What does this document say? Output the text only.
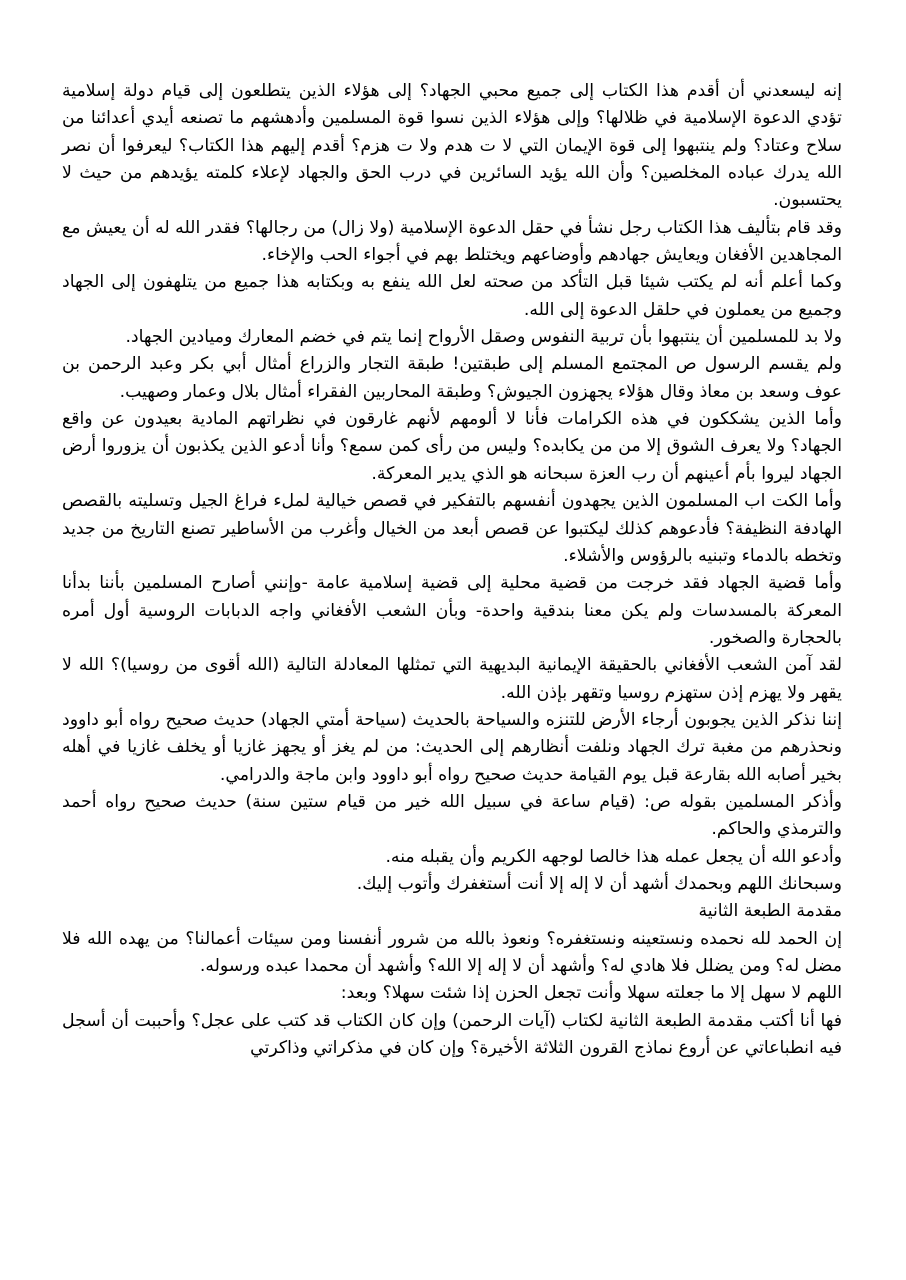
إنه ليسعدني أن أقدم هذا الكتاب إلى جميع محبي الجهاد؟ إلى هؤلاء الذين يتطلعون إلى قيام دولة إسلامية تؤدي الدعوة الإسلامية في ظلالها؟ وإلى هؤلاء الذين نسوا قوة المسلمين وأدهشهم ما تصنعه أيدي أعدائنا من سلاح وعتاد؟ ولم ينتبهوا إلى قوة الإيمان التي لا ت هدم ولا ت هزم؟ أقدم إليهم هذا الكتاب؟ ليعرفوا أن نصر الله يدرك عباده المخلصين؟ وأن الله يؤيد السائرين في درب الحق والجهاد لإعلاء كلمته يؤيدهم من حيث لا يحتسبون.

وقد قام بتأليف هذا الكتاب رجل نشأ في حقل الدعوة الإسلامية (ولا زال) من رجالها؟ فقدر الله له أن يعيش مع المجاهدين الأفغان ويعايش جهادهم وأوضاعهم ويختلط بهم في أجواء الحب والإخاء.

وكما أعلم أنه لم يكتب شيئا قبل التأكد من صحته لعل الله ينفع به وبكتابه هذا جميع من يتلهفون إلى الجهاد وجميع من يعملون في حلقل الدعوة إلى الله.

ولا بد للمسلمين أن ينتبهوا بأن تربية النفوس وصقل الأرواح إنما يتم في خضم المعارك وميادين الجهاد.

ولم يقسم الرسول ص المجتمع المسلم إلى طبقتين! طبقة التجار والزراع أمثال أبي بكر وعبد الرحمن بن عوف وسعد بن معاذ وقال هؤلاء يجهزون الجيوش؟ وطبقة المحاربين الفقراء أمثال بلال وعمار وصهيب.

وأما الذين يشككون في هذه الكرامات فأنا لا ألومهم لأنهم غارقون في نظراتهم المادية بعيدون عن واقع الجهاد؟ ولا يعرف الشوق إلا من من يكابده؟ وليس من رأى كمن سمع؟ وأنا أدعو الذين يكذبون أن يزوروا أرض الجهاد ليروا بأم أعينهم أن رب العزة سبحانه هو الذي يدير المعركة.

وأما الكت اب المسلمون الذين يجهدون أنفسهم بالتفكير في قصص خيالية لملء فراغ الجيل وتسليته بالقصص الهادفة النظيفة؟ فأدعوهم كذلك ليكتبوا عن قصص أبعد من الخيال وأغرب من الأساطير تصنع التاريخ من جديد وتخطه بالدماء وتبنيه بالرؤوس والأشلاء.

وأما قضية الجهاد فقد خرجت من قضية محلية إلى قضية إسلامية عامة -وإنني أصارح المسلمين بأننا بدأنا المعركة بالمسدسات ولم يكن معنا بندقية واحدة- وبأن الشعب الأفغاني واجه الدبابات الروسية أول أمره بالحجارة والصخور.

لقد آمن الشعب الأفغاني بالحقيقة الإيمانية البديهية التي تمثلها المعادلة التالية (الله أقوى من روسيا)؟ الله لا يقهر ولا يهزم إذن ستهزم روسيا وتقهر بإذن الله.

إننا نذكر الذين يجوبون أرجاء الأرض للتنزه والسياحة بالحديث (سياحة أمتي الجهاد) حديث صحيح رواه أبو داوود ونحذرهم من مغبة ترك الجهاد ونلفت أنظارهم إلى الحديث: من لم يغز أو يجهز غازيا أو يخلف غازيا في أهله بخير أصابه الله بقارعة قبل يوم القيامة حديث صحيح رواه أبو داوود وابن ماجة والدرامي.

وأذكر المسلمين بقوله ص: (قيام ساعة في سبيل الله خير من قيام ستين سنة) حديث صحيح رواه أحمد والترمذي والحاكم.

وأدعو الله أن يجعل عمله هذا خالصا لوجهه الكريم وأن يقبله منه.

وسبحانك اللهم وبحمدك أشهد أن لا إله إلا أنت أستغفرك وأتوب إليك.

مقدمة الطبعة الثانية

إن الحمد لله نحمده ونستعينه ونستغفره؟ ونعوذ بالله من شرور أنفسنا ومن سيئات أعمالنا؟ من يهده الله فلا مضل له؟ ومن يضلل فلا هادي له؟ وأشهد أن لا إله إلا الله؟ وأشهد أن محمدا عبده ورسوله.

اللهم لا سهل إلا ما جعلته سهلا وأنت تجعل الحزن إذا شئت سهلا؟ وبعد:

فها أنا أكتب مقدمة الطبعة الثانية لكتاب (آيات الرحمن) وإن كان الكتاب قد كتب على عجل؟ وأحببت أن أسجل فيه انطباعاتي عن أروع نماذج القرون الثلاثة الأخيرة؟ وإن كان في مذكراتي وذاكرتي
